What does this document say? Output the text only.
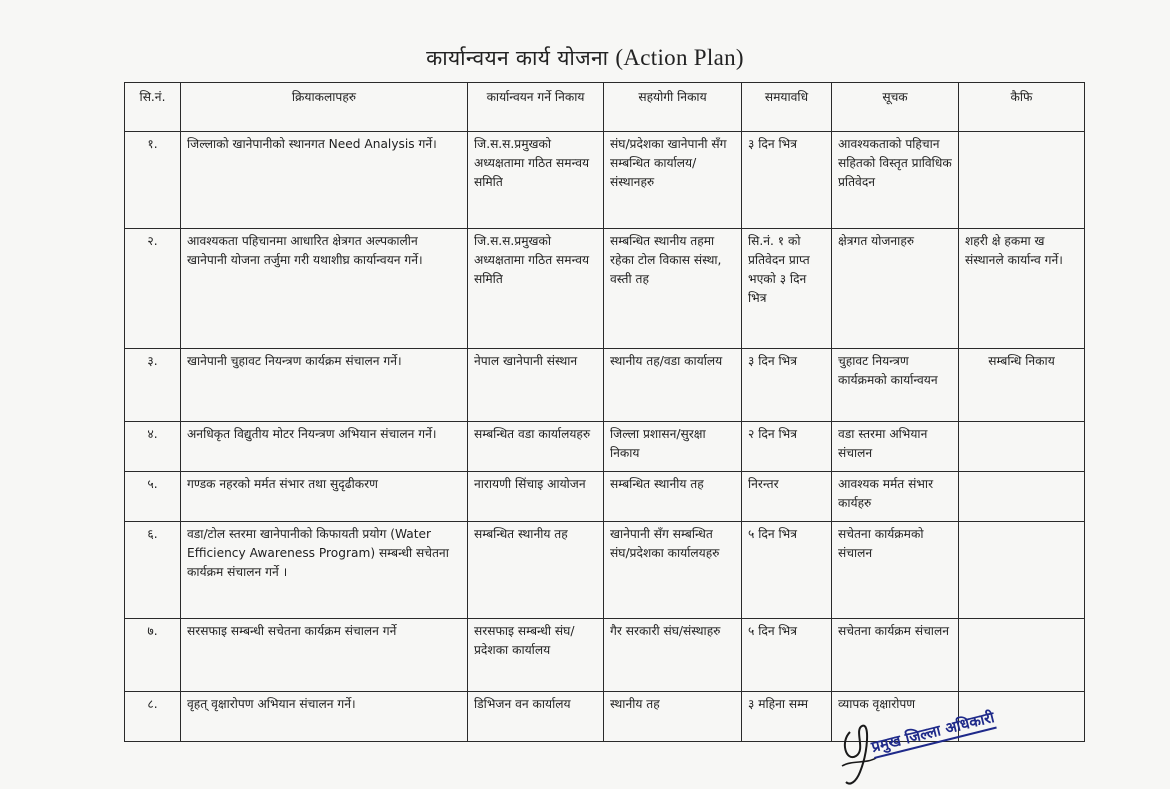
कार्यान्वयन कार्य योजना (Action Plan)
सि.नं.	क्रियाकलापहरु	कार्यान्वयन गर्ने निकाय	सहयोगी निकाय	समयावधि	सूचक	कैफि
१.	जिल्लाको खानेपानीको स्थानगत Need Analysis गर्ने।	जि.स.स.प्रमुखको अध्यक्षतामा गठित समन्वय समिति	संघ/प्रदेशका खानेपानी सँग सम्बन्धित कार्यालय/संस्थानहरु	३ दिन भित्र	आवश्यकताको पहिचान सहितको विस्तृत प्राविधिक प्रतिवेदन	
२.	आवश्यकता पहिचानमा आधारित क्षेत्रगत अल्पकालीन खानेपानी योजना तर्जुमा गरी यथाशीघ्र कार्यान्वयन गर्ने।	जि.स.स.प्रमुखको अध्यक्षतामा गठित समन्वय समिति	सम्बन्धित स्थानीय तहमा रहेका टोल विकास संस्था, वस्ती तह	सि.नं. १ को प्रतिवेदन प्राप्त भएको ३ दिन भित्र	क्षेत्रगत योजनाहरु	शहरी क्षे हकमा ख संस्थानले कार्यान्व गर्ने।
३.	खानेपानी चुहावट नियन्त्रण कार्यक्रम संचालन गर्ने।	नेपाल खानेपानी संस्थान	स्थानीय तह/वडा कार्यालय	३ दिन भित्र	चुहावट नियन्त्रण कार्यक्रमको कार्यान्वयन	सम्बन्धि निकाय
४.	अनधिकृत विद्युतीय मोटर नियन्त्रण अभियान संचालन गर्ने।	सम्बन्धित वडा कार्यालयहरु	जिल्ला प्रशासन/सुरक्षा निकाय	२ दिन भित्र	वडा स्तरमा अभियान संचालन	
५.	गण्डक नहरको मर्मत संभार तथा सुदृढीकरण	नारायणी सिंचाइ आयोजन	सम्बन्धित स्थानीय तह	निरन्तर	आवश्यक मर्मत संभार कार्यहरु	
६.	वडा/टोल स्तरमा खानेपानीको किफायती प्रयोग (Water Efficiency Awareness Program) सम्बन्धी सचेतना कार्यक्रम संचालन गर्ने ।	सम्बन्धित स्थानीय तह	खानेपानी सँग सम्बन्धित संघ/प्रदेशका कार्यालयहरु	५ दिन भित्र	सचेतना कार्यक्रमको संचालन	
७.	सरसफाइ सम्बन्धी सचेतना कार्यक्रम संचालन गर्ने	सरसफाइ सम्बन्धी संघ/प्रदेशका कार्यालय	गैर सरकारी संघ/संस्थाहरु	५ दिन भित्र	सचेतना कार्यक्रम संचालन	
८.	वृहत् वृक्षारोपण अभियान संचालन गर्ने।	डिभिजन वन कार्यालय	स्थानीय तह	३ महिना सम्म	व्यापक वृक्षारोपण	
प्रमुख जिल्ला अधिकारी
